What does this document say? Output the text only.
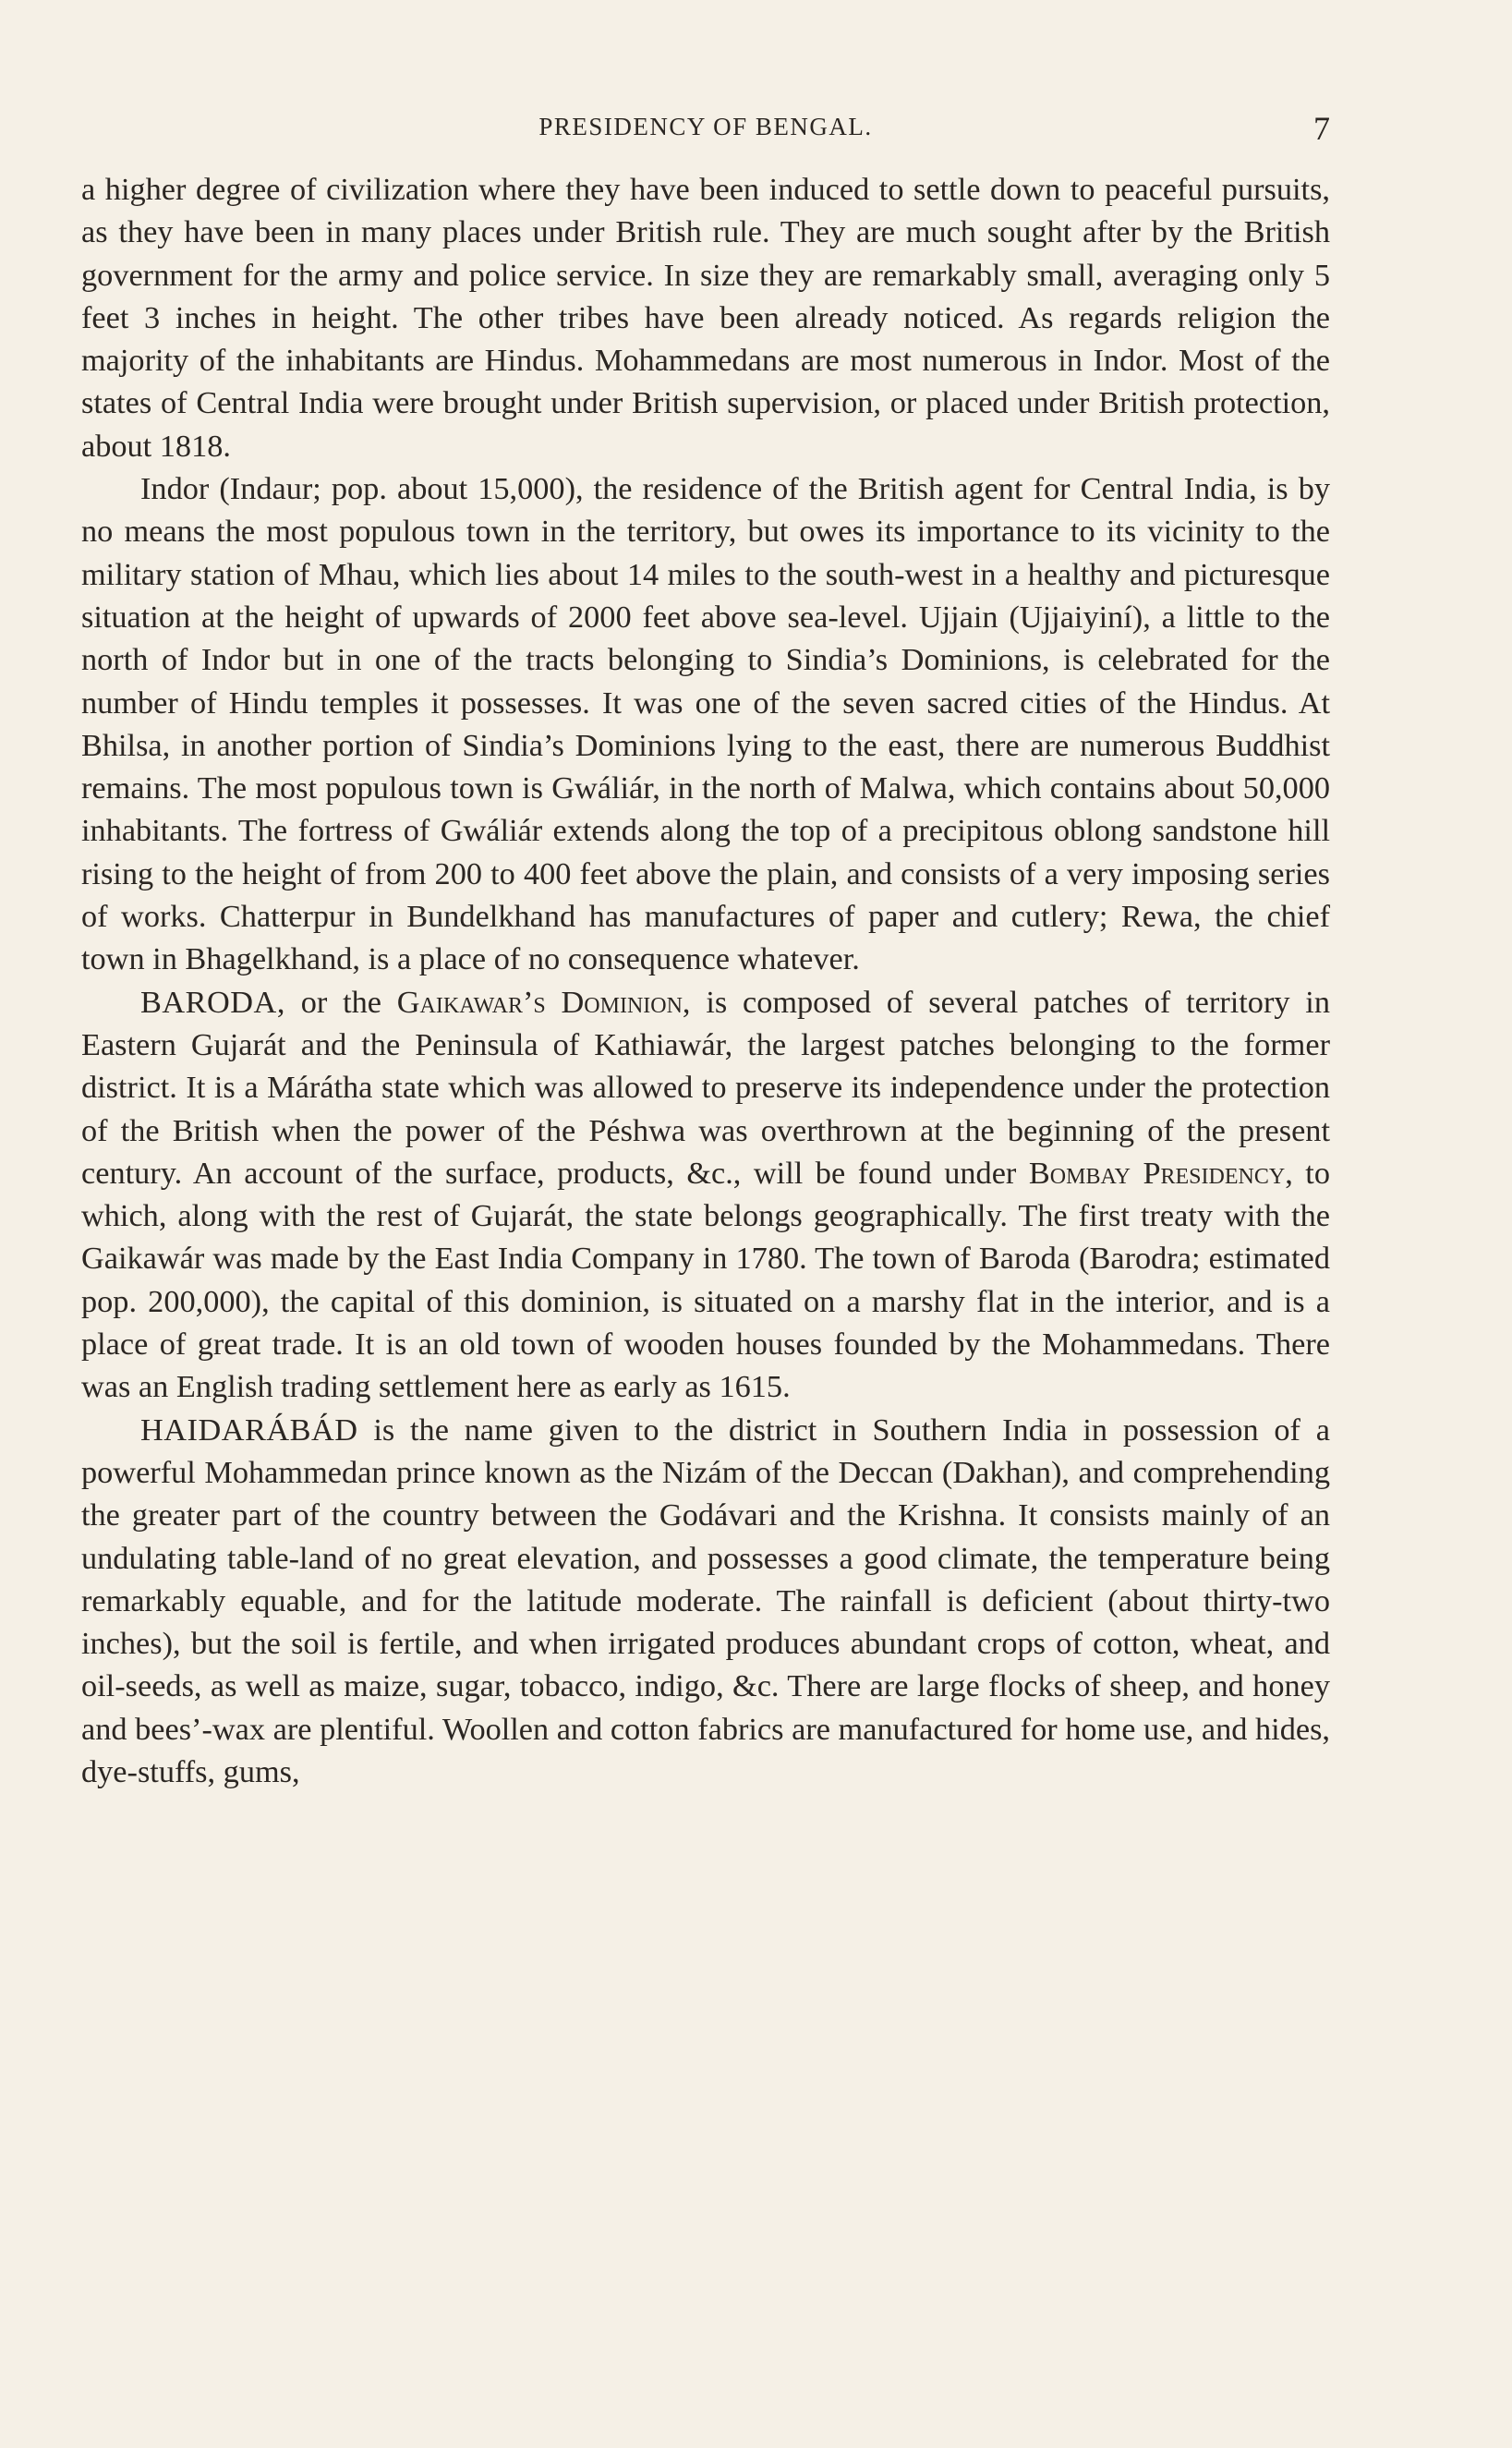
PRESIDENCY OF BENGAL.	7

a higher degree of civilization where they have been induced to settle down to peaceful pursuits, as they have been in many places under British rule. They are much sought after by the British government for the army and police service. In size they are remarkably small, averaging only 5 feet 3 inches in height. The other tribes have been already noticed. As regards religion the majority of the inhabitants are Hindus. Mohammedans are most numerous in Indor. Most of the states of Central India were brought under British supervision, or placed under British protection, about 1818.

Indor (Indaur; pop. about 15,000), the residence of the British agent for Central India, is by no means the most populous town in the territory, but owes its importance to its vicinity to the military station of Mhau, which lies about 14 miles to the south-west in a healthy and picturesque situation at the height of upwards of 2000 feet above sea-level. Ujjain (Ujjaiyiní), a little to the north of Indor but in one of the tracts belonging to Sindia’s Dominions, is celebrated for the number of Hindu temples it possesses. It was one of the seven sacred cities of the Hindus. At Bhilsa, in another portion of Sindia’s Dominions lying to the east, there are numerous Buddhist remains. The most populous town is Gwáliár, in the north of Malwa, which contains about 50,000 inhabitants. The fortress of Gwáliár extends along the top of a precipitous oblong sandstone hill rising to the height of from 200 to 400 feet above the plain, and consists of a very imposing series of works. Chatterpur in Bundelkhand has manufactures of paper and cutlery; Rewa, the chief town in Bhagelkhand, is a place of no consequence whatever.

BARODA, or the Gaikawar’s Dominion, is composed of several patches of territory in Eastern Gujarát and the Peninsula of Kathiawár, the largest patches belonging to the former district. It is a Márátha state which was allowed to preserve its independence under the protection of the British when the power of the Péshwa was overthrown at the beginning of the present century. An account of the surface, products, &c., will be found under Bombay Presidency, to which, along with the rest of Gujarát, the state belongs geographically. The first treaty with the Gaikawár was made by the East India Company in 1780. The town of Baroda (Barodra; estimated pop. 200,000), the capital of this dominion, is situated on a marshy flat in the interior, and is a place of great trade. It is an old town of wooden houses founded by the Mohammedans. There was an English trading settlement here as early as 1615.

HAIDARÁBÁD is the name given to the district in Southern India in possession of a powerful Mohammedan prince known as the Nizám of the Deccan (Dakhan), and comprehending the greater part of the country between the Godávari and the Krishna. It consists mainly of an undulating table-land of no great elevation, and possesses a good climate, the temperature being remarkably equable, and for the latitude moderate. The rainfall is deficient (about thirty-two inches), but the soil is fertile, and when irrigated produces abundant crops of cotton, wheat, and oil-seeds, as well as maize, sugar, tobacco, indigo, &c. There are large flocks of sheep, and honey and bees’-wax are plentiful. Woollen and cotton fabrics are manufactured for home use, and hides, dye-stuffs, gums,
